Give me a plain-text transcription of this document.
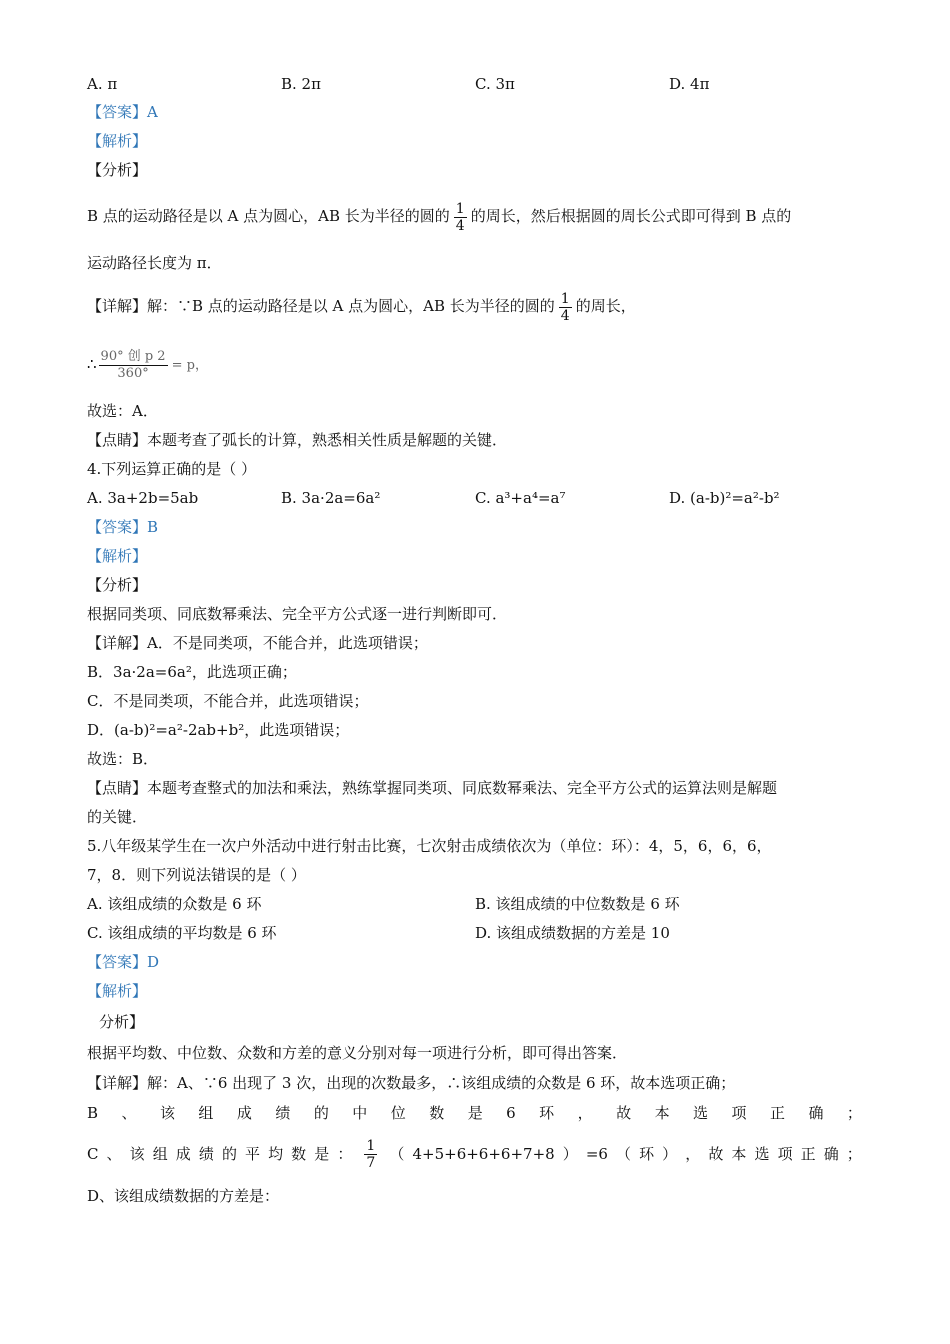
A. π	B. 2π	C. 3π	D. 4π
【答案】A
【解析】
【分析】
B 点的运动路径是以 A 点为圆心，AB 长为半径的圆的 $\frac{1}{4}$ 的周长，然后根据圆的周长公式即可得到 B 点的
运动路径长度为 π．
【详解】解：∵B 点的运动路径是以 A 点为圆心，AB 长为半径的圆的 $\frac{1}{4}$ 的周长，
∴ $\frac{\text{90° 创 p 2}}{360^\circ} = p$，
故选：A．
【点睛】本题考查了弧长的计算，熟悉相关性质是解题的关键．
4.下列运算正确的是（ ）
A. 3a+2b=5ab	B. 3a·2a=6a²	C. a³+a⁴=a⁷	D. (a-b)²=a²-b²
【答案】B
【解析】
【分析】
根据同类项、同底数幂乘法、完全平方公式逐一进行判断即可．
【详解】A．不是同类项，不能合并，此选项错误；
B．3a·2a=6a²，此选项正确；
C．不是同类项，不能合并，此选项错误；
D．(a-b)²=a²-2ab+b²，此选项错误；
故选：B．
【点睛】本题考查整式的加法和乘法，熟练掌握同类项、同底数幂乘法、完全平方公式的运算法则是解题
的关键．
5.八年级某学生在一次户外活动中进行射击比赛，七次射击成绩依次为（单位：环）：4，5，6，6，6，
7，8．则下列说法错误的是（ ）
A. 该组成绩的众数是 6 环	B. 该组成绩的中位数数是 6 环
C. 该组成绩的平均数是 6 环	D. 该组成绩数据的方差是 10
【答案】D
【解析】
分析】
根据平均数、中位数、众数和方差的意义分别对每一项进行分析，即可得出答案．
【详解】解：A、∵6 出现了 3 次，出现的次数最多，∴该组成绩的众数是 6 环，故本选项正确；
B 、 该 组 成 绩 的 中 位 数 是 6 环 ， 故 本 选 项 正 确 ；
C 、 该 组 成 绩 的 平 均 数 是 ： $\frac{1}{7}$ （ 4+5+6+6+6+7+8 ） =6 （ 环 ） ， 故 本 选 项 正 确 ；
D、该组成绩数据的方差是：
